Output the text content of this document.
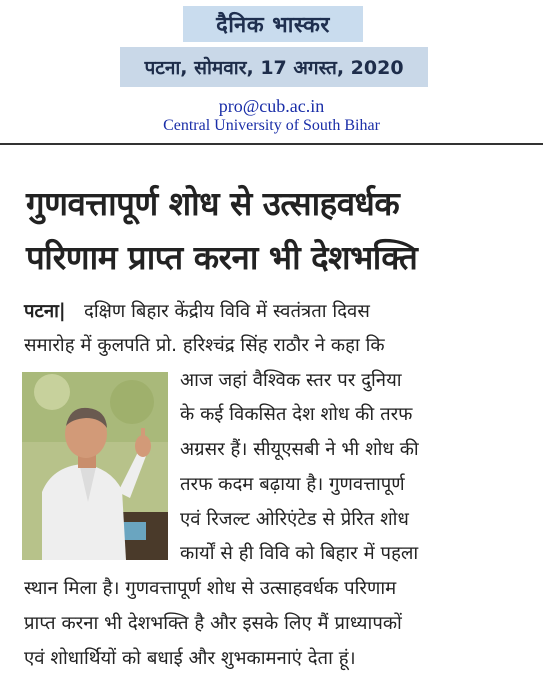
दैनिक भास्कर
पटना, सोमवार, 17 अगस्त, 2020
pro@cub.ac.in
Central University of South Bihar
गुणवत्तापूर्ण शोध से उत्साहवर्धक
परिणाम प्राप्त करना भी देशभक्ति
पटना| दक्षिण बिहार केंद्रीय विवि में स्वतंत्रता दिवस
समारोह में कुलपति प्रो. हरिश्चंद्र सिंह राठौर ने कहा कि
आज जहां वैश्विक स्तर पर दुनिया
के कई विकसित देश शोध की तरफ
अग्रसर हैं। सीयूएसबी ने भी शोध की
तरफ कदम बढ़ाया है। गुणवत्तापूर्ण
एवं रिजल्ट ओरिएंटेड से प्रेरित शोध
कार्यों से ही विवि को बिहार में पहला
स्थान मिला है। गुणवत्तापूर्ण शोध से उत्साहवर्धक परिणाम
प्राप्त करना भी देशभक्ति है और इसके लिए मैं प्राध्यापकों
एवं शोधार्थियों को बधाई और शुभकामनाएं देता हूं।
